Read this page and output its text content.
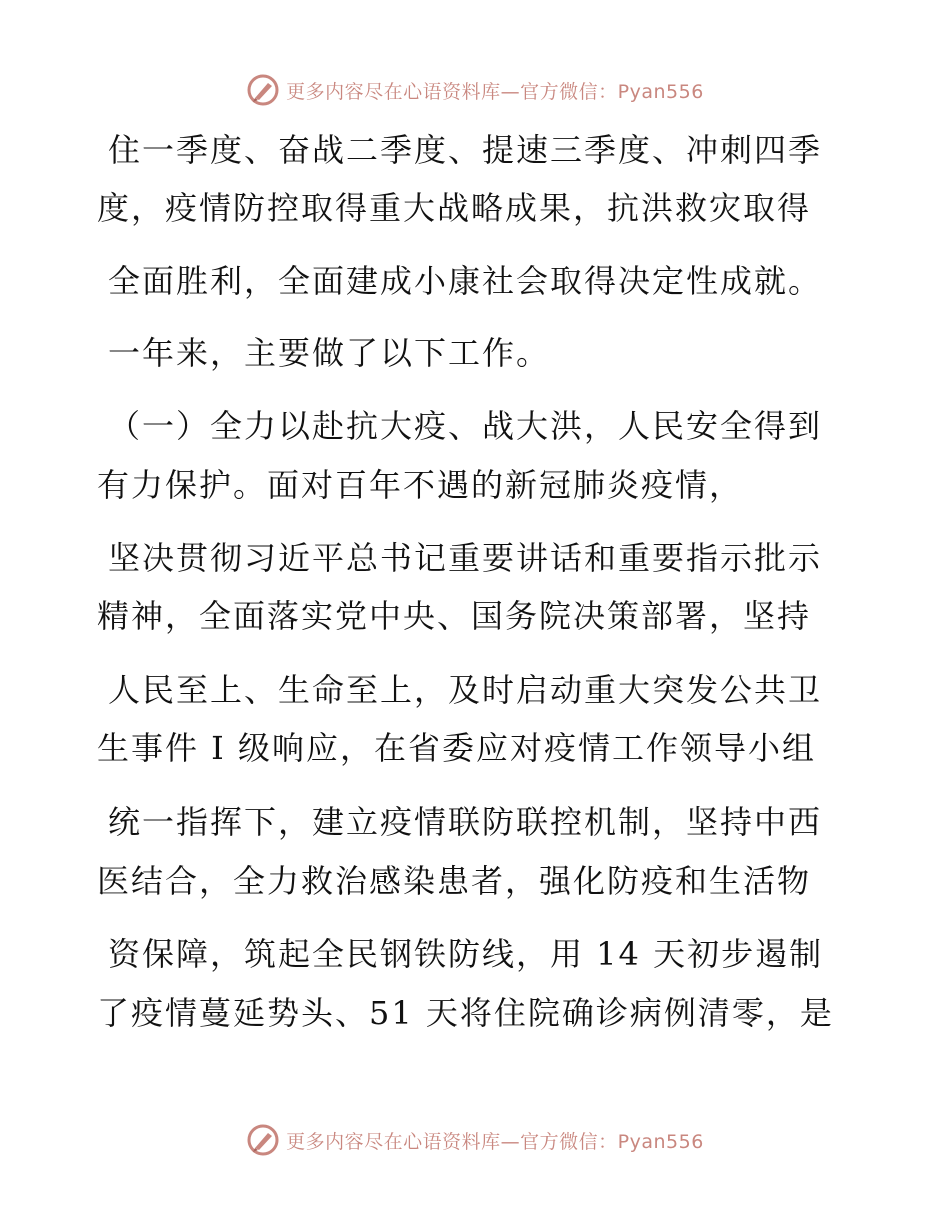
更多内容尽在心语资料库—官方微信：Pyan556
住一季度、奋战二季度、提速三季度、冲刺四季
度，疫情防控取得重大战略成果，抗洪救灾取得
全面胜利，全面建成小康社会取得决定性成就。
一年来，主要做了以下工作。
（一）全力以赴抗大疫、战大洪，人民安全得到
有力保护。面对百年不遇的新冠肺炎疫情，
坚决贯彻习近平总书记重要讲话和重要指示批示
精神，全面落实党中央、国务院决策部署，坚持
人民至上、生命至上，及时启动重大突发公共卫
生事件 Ⅰ 级响应，在省委应对疫情工作领导小组
统一指挥下，建立疫情联防联控机制，坚持中西
医结合，全力救治感染患者，强化防疫和生活物
资保障，筑起全民钢铁防线，用 14 天初步遏制
了疫情蔓延势头、51 天将住院确诊病例清零，是
更多内容尽在心语资料库—官方微信：Pyan556
